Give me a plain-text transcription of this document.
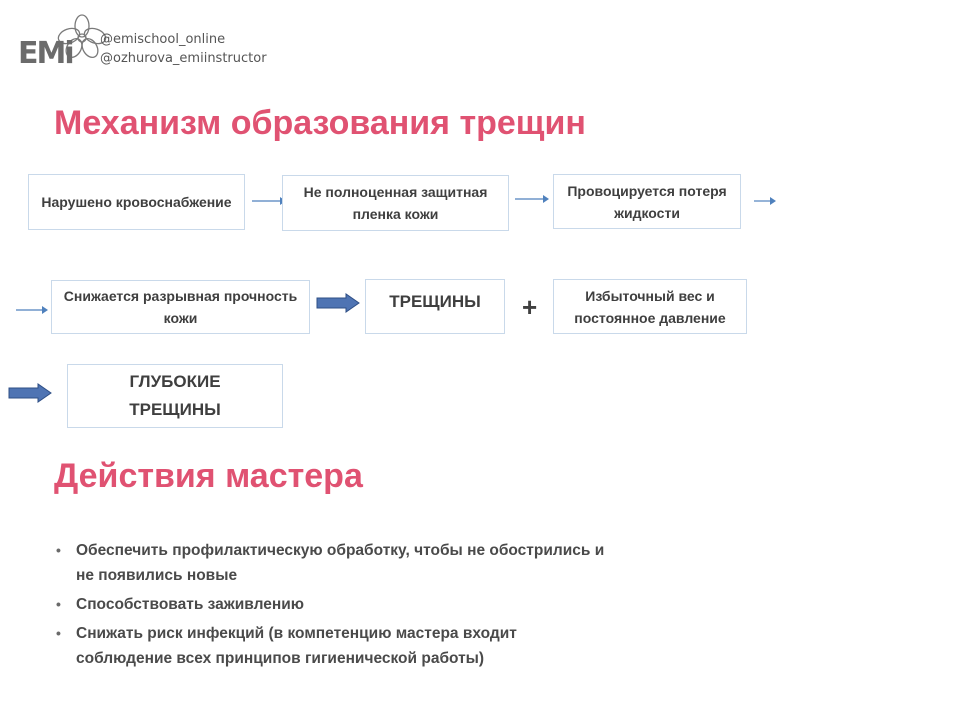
EMi @emischool_online
@ozhurova_emiinstructor
Механизм образования трещин
Нарушено кровоснабжение
Не полноценная защитная пленка кожи
Провоцируется потеря жидкости
Снижается разрывная прочность кожи
ТРЕЩИНЫ	+	Избыточный вес и постоянное давление
ГЛУБОКИЕ ТРЕЩИНЫ
Действия мастера
• Обеспечить профилактическую обработку, чтобы не обострились и не появились новые
• Способствовать заживлению
• Снижать риск инфекций (в компетенцию мастера входит соблюдение всех принципов гигиенической работы)
